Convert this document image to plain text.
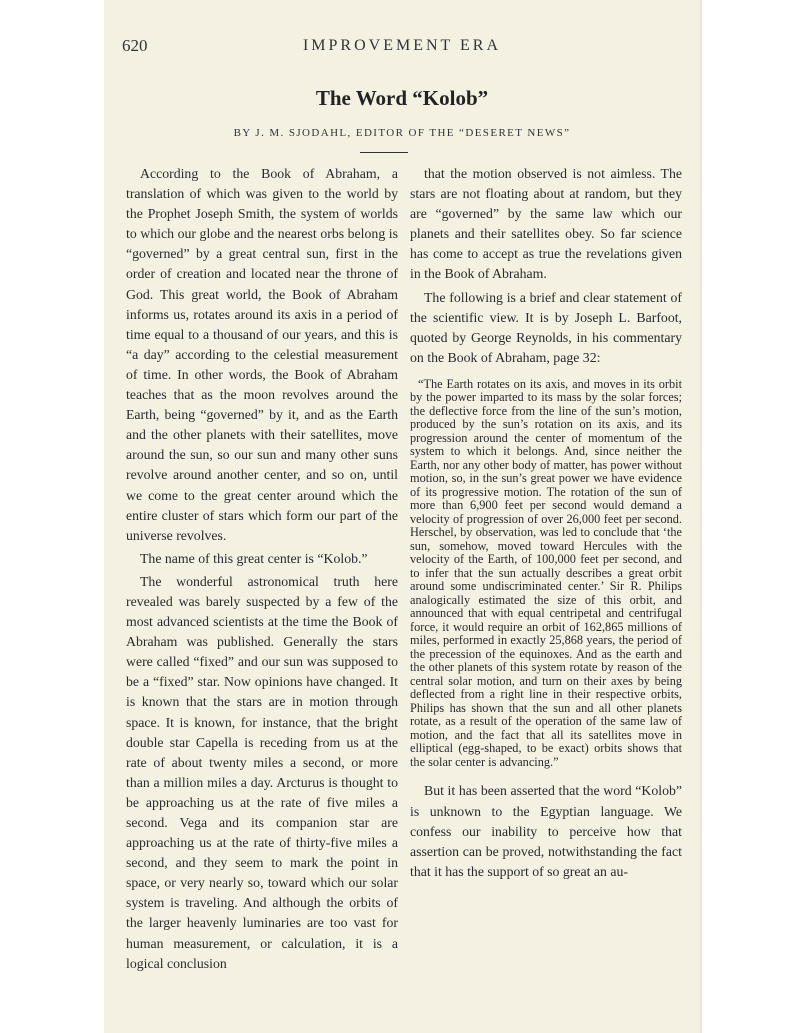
620	IMPROVEMENT ERA
The Word “Kolob”
BY J. M. SJODAHL, EDITOR OF THE “DESERET NEWS”

According to the Book of Abraham, a translation of which was given to the world by the Prophet Joseph Smith, the system of worlds to which our globe and the nearest orbs belong is “governed” by a great central sun, first in the order of creation and located near the throne of God. This great world, the Book of Abraham informs us, rotates around its axis in a period of time equal to a thousand of our years, and this is “a day” according to the celestial measurement of time. In other words, the Book of Abraham teaches that as the moon revolves around the Earth, being “governed” by it, and as the Earth and the other planets with their satellites, move around the sun, so our sun and many other suns revolve around another center, and so on, until we come to the great center around which the entire cluster of stars which form our part of the universe revolves.

The name of this great center is “Kolob.”

The wonderful astronomical truth here revealed was barely suspected by a few of the most advanced scientists at the time the Book of Abraham was published. Generally the stars were called “fixed” and our sun was supposed to be a “fixed” star. Now opinions have changed. It is known that the stars are in motion through space. It is known, for instance, that the bright double star Capella is receding from us at the rate of about twenty miles a second, or more than a million miles a day. Arcturus is thought to be approaching us at the rate of five miles a second. Vega and its companion star are approaching us at the rate of thirty-five miles a second, and they seem to mark the point in space, or very nearly so, toward which our solar system is traveling. And although the orbits of the larger heavenly luminaries are too vast for human measurement, or calculation, it is a logical conclusion

that the motion observed is not aimless. The stars are not floating about at random, but they are “governed” by the same law which our planets and their satellites obey. So far science has come to accept as true the revelations given in the Book of Abraham.

The following is a brief and clear statement of the scientific view. It is by Joseph L. Barfoot, quoted by George Reynolds, in his commentary on the Book of Abraham, page 32:

“The Earth rotates on its axis, and moves in its orbit by the power imparted to its mass by the solar forces; the deflective force from the line of the sun’s motion, produced by the sun’s rotation on its axis, and its progression around the center of momentum of the system to which it belongs. And, since neither the Earth, nor any other body of matter, has power without motion, so, in the sun’s great power we have evidence of its progressive motion. The rotation of the sun of more than 6,900 feet per second would demand a velocity of progression of over 26,000 feet per second. Herschel, by observation, was led to conclude that ‘the sun, somehow, moved toward Hercules with the velocity of the Earth, of 100,000 feet per second, and to infer that the sun actually describes a great orbit around some undiscriminated center.’ Sir R. Philips analogically estimated the size of this orbit, and announced that with equal centripetal and centrifugal force, it would require an orbit of 162,865 millions of miles, performed in exactly 25,868 years, the period of the precession of the equinoxes. And as the earth and the other planets of this system rotate by reason of the central solar motion, and turn on their axes by being deflected from a right line in their respective orbits, Philips has shown that the sun and all other planets rotate, as a result of the operation of the same law of motion, and the fact that all its satellites move in elliptical (egg-shaped, to be exact) orbits shows that the solar center is advancing.”

But it has been asserted that the word “Kolob” is unknown to the Egyptian language. We confess our inability to perceive how that assertion can be proved, notwithstanding the fact that it has the support of so great an au-
